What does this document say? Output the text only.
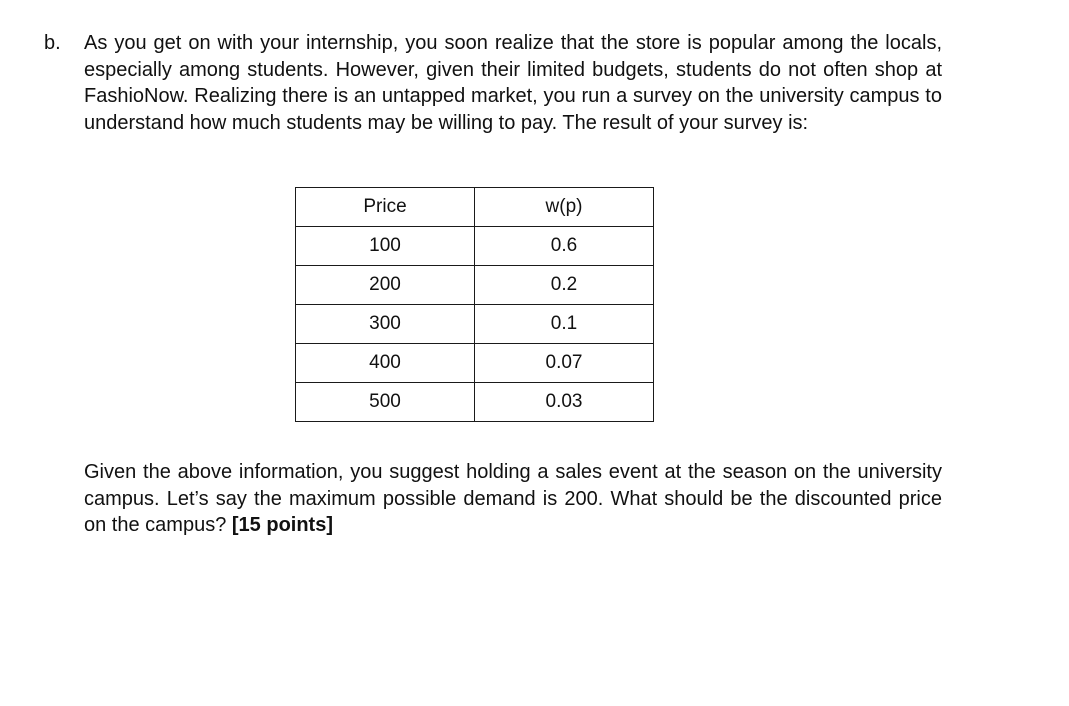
b. As you get on with your internship, you soon realize that the store is popular among the locals, especially among students. However, given their limited budgets, students do not often shop at FashioNow. Realizing there is an untapped market, you run a survey on the university campus to understand how much students may be willing to pay. The result of your survey is:
Price	w(p)
100	0.6
200	0.2
300	0.1
400	0.07
500	0.03
Given the above information, you suggest holding a sales event at the season on the university campus. Let’s say the maximum possible demand is 200. What should be the discounted price on the campus? [15 points]
